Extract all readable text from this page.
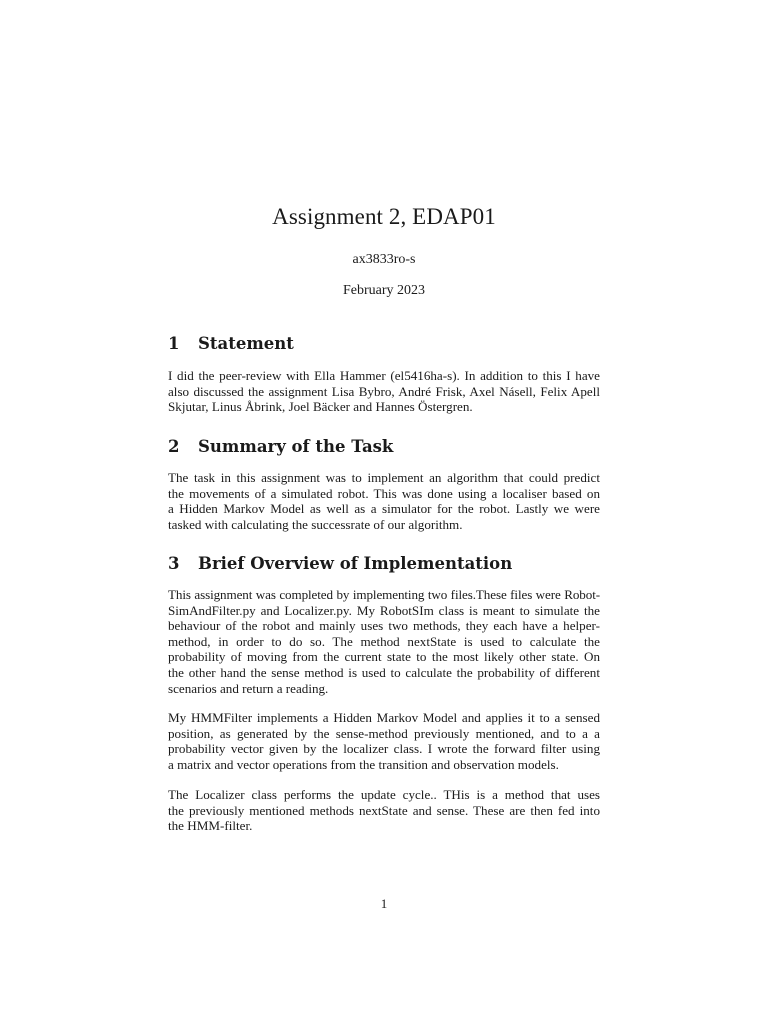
Assignment 2, EDAP01
ax3833ro-s
February 2023
1 Statement
I did the peer-review with Ella Hammer (el5416ha-s). In addition to this I have
also discussed the assignment Lisa Bybro, André Frisk, Axel Násell, Felix Apell
Skjutar, Linus Åbrink, Joel Bäcker and Hannes Östergren.
2 Summary of the Task
The task in this assignment was to implement an algorithm that could predict
the movements of a simulated robot. This was done using a localiser based on
a Hidden Markov Model as well as a simulator for the robot. Lastly we were
tasked with calculating the successrate of our algorithm.
3 Brief Overview of Implementation
This assignment was completed by implementing two files.These files were Robot-
SimAndFilter.py and Localizer.py. My RobotSIm class is meant to simulate the
behaviour of the robot and mainly uses two methods, they each have a helper-
method, in order to do so. The method nextState is used to calculate the
probability of moving from the current state to the most likely other state. On
the other hand the sense method is used to calculate the probability of different
scenarios and return a reading.
My HMMFilter implements a Hidden Markov Model and applies it to a sensed
position, as generated by the sense-method previously mentioned, and to a a
probability vector given by the localizer class. I wrote the forward filter using
a matrix and vector operations from the transition and observation models.
The Localizer class performs the update cycle.. THis is a method that uses
the previously mentioned methods nextState and sense. These are then fed into
the HMM-filter.
1
